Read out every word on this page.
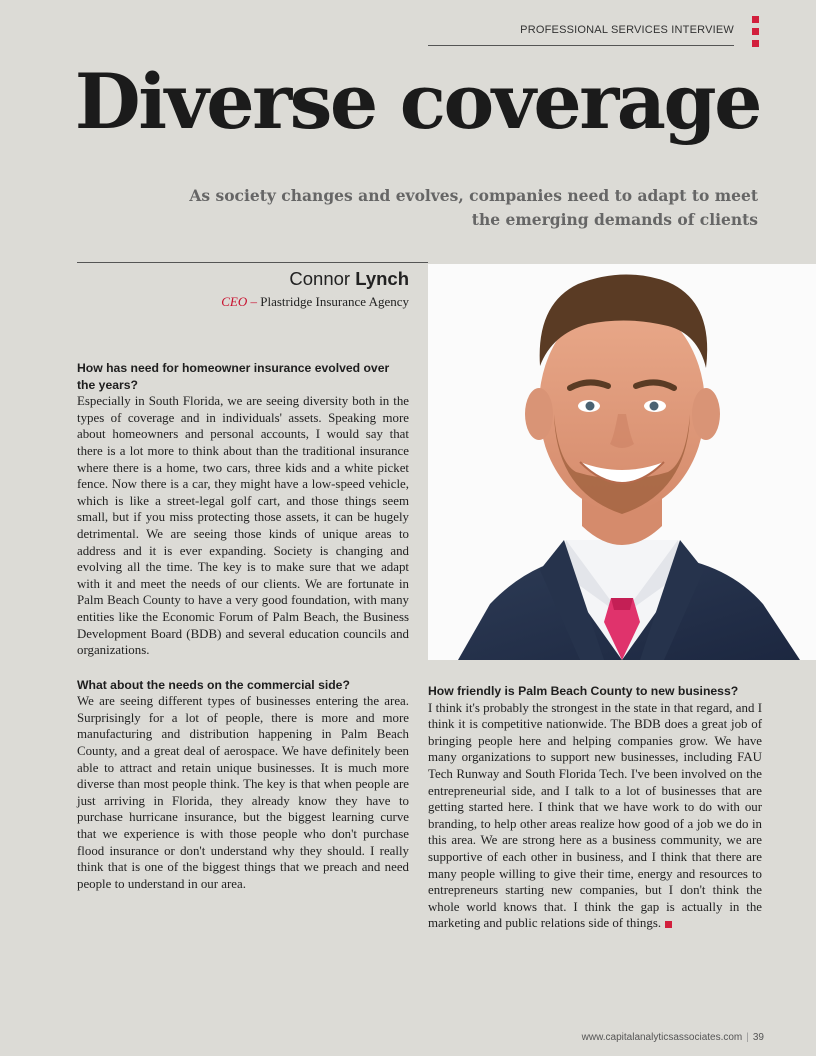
PROFESSIONAL SERVICES INTERVIEW
Diverse coverage
As society changes and evolves, companies need to adapt to meet the emerging demands of clients
Connor Lynch
CEO – Plastridge Insurance Agency

How has need for homeowner insurance evolved over the years?

Especially in South Florida, we are seeing diversity both in the types of coverage and in individuals' assets. Speaking more about homeowners and personal accounts, I would say that there is a lot more to think about than the traditional insurance where there is a home, two cars, three kids and a white picket fence. Now there is a car, they might have a low-speed vehicle, which is like a street-legal golf cart, and those things seem small, but if you miss protecting those assets, it can be hugely detrimental. We are seeing those kinds of unique areas to address and it is ever expanding. Society is changing and evolving all the time. The key is to make sure that we adapt with it and meet the needs of our clients. We are fortunate in Palm Beach County to have a very good foundation, with many entities like the Economic Forum of Palm Beach, the Business Development Board (BDB) and several education councils and organizations.

What about the needs on the commercial side?

We are seeing different types of businesses entering the area. Surprisingly for a lot of people, there is more and more manufacturing and distribution happening in Palm Beach County, and a great deal of aerospace. We have definitely been able to attract and retain unique businesses. It is much more diverse than most people think. The key is that when people are just arriving in Florida, they already know they have to purchase hurricane insurance, but the biggest learning curve that we experience is with those people who don't purchase flood insurance or don't understand why they should. I really think that is one of the biggest things that we preach and need people to understand in our area.

How friendly is Palm Beach County to new business?

I think it's probably the strongest in the state in that regard, and I think it is competitive nationwide. The BDB does a great job of bringing people here and helping companies grow. We have many organizations to support new businesses, including FAU Tech Runway and South Florida Tech. I've been involved on the entrepreneurial side, and I talk to a lot of businesses that are getting started here. I think that we have work to do with our branding, to help other areas realize how good of a job we do in this area. We are strong here as a business community, we are supportive of each other in business, and I think that there are many people willing to give their time, energy and resources to entrepreneurs starting new companies, but I don't think the whole world knows that. I think the gap is actually in the marketing and public relations side of things.

www.capitalanalyticsassociates.com | 39
